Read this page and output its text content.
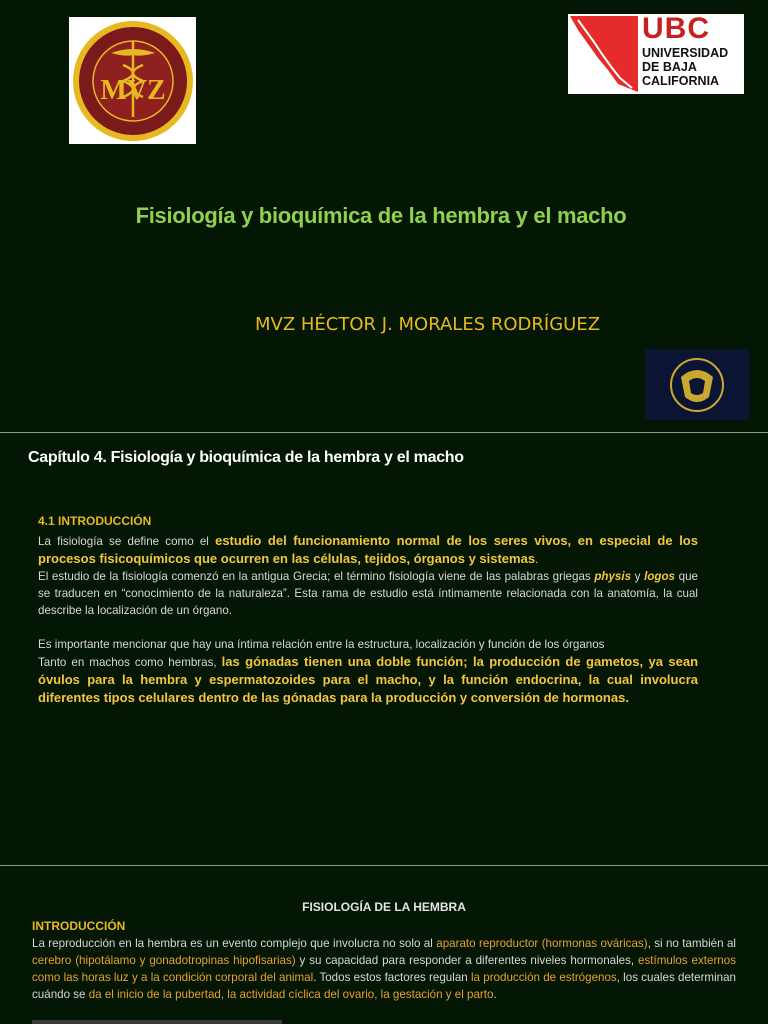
MVZ
UBC
UNIVERSIDAD
DE BAJA
CALIFORNIA
Fisiología y bioquímica de la hembra y el macho
MVZ HÉCTOR J. MORALES RODRÍGUEZ
Capítulo 4. Fisiología y bioquímica de la hembra y el macho
4.1 INTRODUCCIÓN
La fisiología se define como el estudio del funcionamiento normal de los seres vivos, en especial de los procesos fisicoquímicos que ocurren en las células, tejidos, órganos y sistemas.
El estudio de la fisiología comenzó en la antigua Grecia; el término fisiología viene de las palabras griegas physis y logos que se traducen en “conocimiento de la naturaleza”. Esta rama de estudio está íntimamente relacionada con la anatomía, la cual describe la localización de un órgano.
Es importante mencionar que hay una íntima relación entre la estructura, localización y función de los órganos
Tanto en machos como hembras, las gónadas tienen una doble función; la producción de gametos, ya sean óvulos para la hembra y espermatozoides para el macho, y la función endocrina, la cual involucra diferentes tipos celulares dentro de las gónadas para la producción y conversión de hormonas.
FISIOLOGÍA DE LA HEMBRA
INTRODUCCIÓN
La reproducción en la hembra es un evento complejo que involucra no solo al aparato reproductor (hormonas ováricas), si no también al cerebro (hipotálamo y gonadotropinas hipofisarias) y su capacidad para responder a diferentes niveles hormonales, estímulos externos como las horas luz y a la condición corporal del animal. Todos estos factores regulan la producción de estrógenos, los cuales determinan cuándo se da el inicio de la pubertad, la actividad cíclica del ovario, la gestación y el parto.
